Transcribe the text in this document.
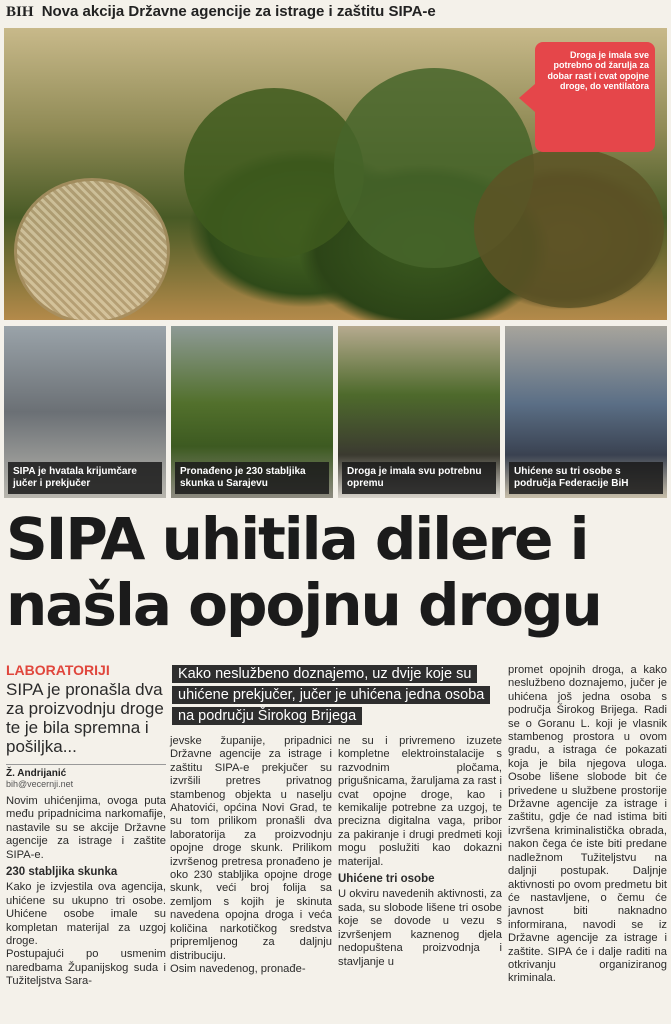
BIH Nova akcija Državne agencije za istrage i zaštitu SIPA-e
Droga je imala sve potrebno od žarulja za dobar rast i cvat opojne droge, do ventilatora
SIPA je hvatala krijumčare jučer i prekjučer
Pronađeno je 230 stabljika skunka u Sarajevu
Droga je imala svu potrebnu opremu
Uhićene su tri osobe s područja Federacije BiH
SIPA uhitila dilere i
našla opojnu drogu
LABORATORIJI
SIPA je pronašla dva za proizvodnju droge te je bila spremna i pošiljka...
Ž. Andrijanić
bih@vecernji.net

Novim uhićenjima, ovoga puta među pripadnicima narkomafije, nastavile su se akcije Državne agencije za istrage i zaštite SIPA-e.

230 stabljika skunka

Kako je izvjestila ova agencija, uhićene su ukupno tri osobe. Uhićene osobe imale su kompletan materijal za uzgoj droge.

Postupajući po usmenim naredbama Županijskog suda i Tužiteljstva Sara-

Kako neslužbeno doznajemo, uz dvije koje su uhićene prekjučer, jučer je uhićena jedna osoba na području Širokog Brijega

jevske županije, pripadnici Državne agencije za istrage i zaštitu SIPA-e prekjučer su izvršili pretres privatnog stambenog objekta u naselju Ahatovići, općina Novi Grad, te su tom prilikom pronašli dva laboratorija za proizvodnju opojne droge skunk. Prilikom izvršenog pretresa pronađeno je oko 230 stabljika opojne droge skunk, veći broj folija sa zemljom s kojih je skinuta navedena opojna droga i veća količina narkotičkog sredstva pripremljenog za daljnju distribuciju.

Osim navedenog, pronađe-

ne su i privremeno izuzete kompletne elektroinstalacije s razvodnim pločama, prigušnicama, žaruljama za rast i cvat opojne droge, kao i kemikalije potrebne za uzgoj, te precizna digitalna vaga, pribor za pakiranje i drugi predmeti koji mogu poslužiti kao dokazni materijal.

Uhićene tri osobe

U okviru navedenih aktivnosti, za sada, su slobode lišene tri osobe koje se dovode u vezu s izvršenjem kaznenog djela nedopuštena proizvodnja i stavljanje u

promet opojnih droga, a kako neslužbeno doznajemo, jučer je uhićena još jedna osoba s područja Širokog Brijega. Radi se o Goranu L. koji je vlasnik stambenog prostora u ovom gradu, a istraga će pokazati koja je bila njegova uloga. Osobe lišene slobode bit će privedene u službene prostorije Državne agencije za istrage i zaštitu, gdje će nad istima biti izvršena kriminalistička obrada, nakon čega će iste biti predane nadležnom Tužiteljstvu na daljnji postupak. Daljnje aktivnosti po ovom predmetu bit će nastavljene, o čemu će javnost biti naknadno informirana, navodi se iz Državne agencije za istrage i zaštite. SIPA će i dalje raditi na otkrivanju organiziranog kriminala.
